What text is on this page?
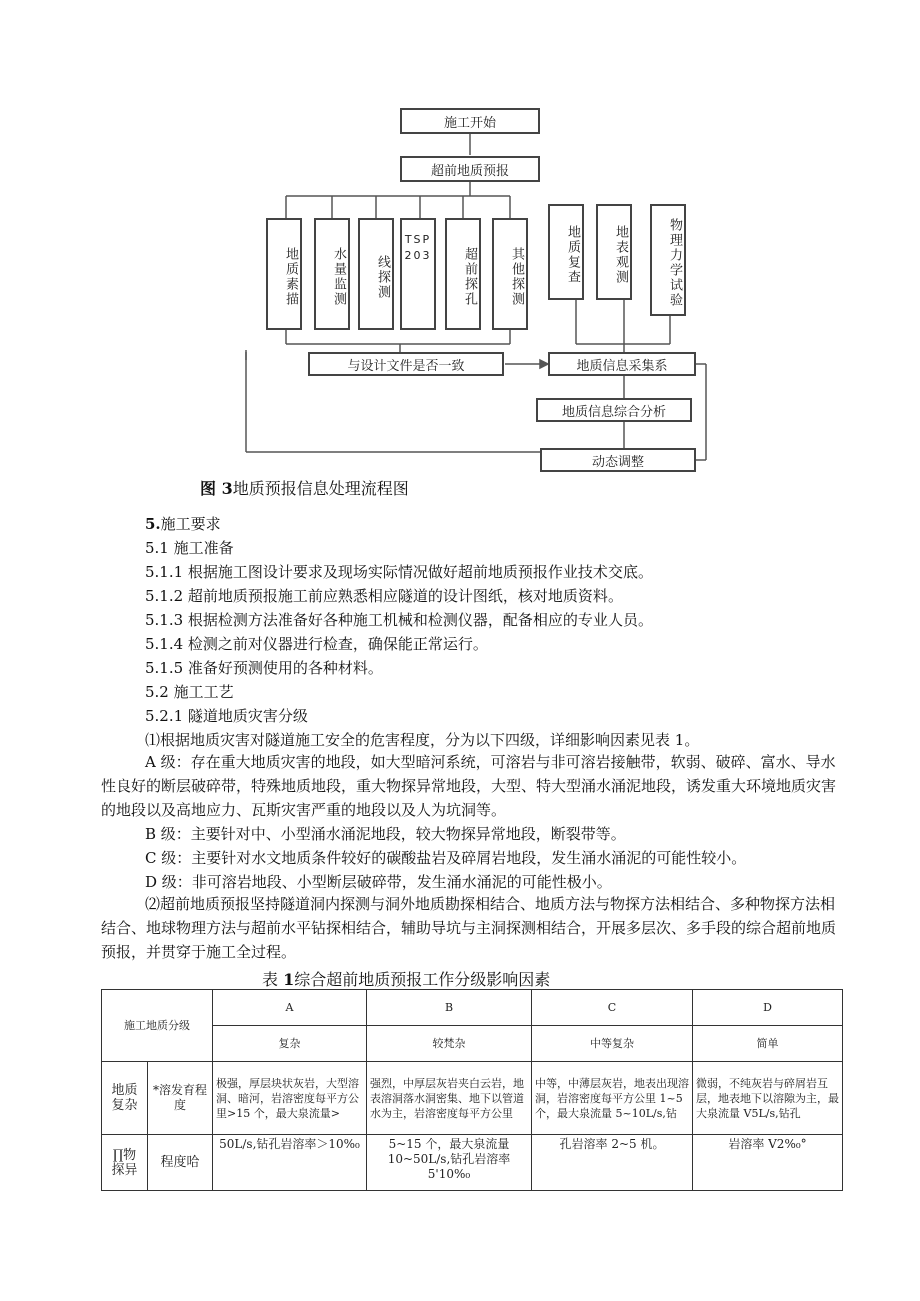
施工开始
超前地质预报
地质素描	水量监测 线探测
TSP203	超前探孔 其他探测	地质复查	地表观测	物理力学试验
与设计文件是否一致	地质信息采集系
地质信息综合分析
动态调整
图 3地质预报信息处理流程图
5.施工要求
5.1 施工准备
5.1.1 根据施工图设计要求及现场实际情况做好超前地质预报作业技术交底。
5.1.2 超前地质预报施工前应熟悉相应隧道的设计图纸，核对地质资料。
5.1.3 根据检测方法准备好各种施工机械和检测仪器，配备相应的专业人员。
5.1.4 检测之前对仪器进行检查，确保能正常运行。
5.1.5 准备好预测使用的各种材料。
5.2 施工工艺
5.2.1 隧道地质灾害分级
⑴根据地质灾害对隧道施工安全的危害程度，分为以下四级，详细影响因素见表 1。
A 级：存在重大地质灾害的地段，如大型暗河系统，可溶岩与非可溶岩接触带，软弱、破碎、富水、导水性良好的断层破碎带，特殊地质地段，重大物探异常地段，大型、特大型涌水涌泥地段，诱发重大环境地质灾害的地段以及高地应力、瓦斯灾害严重的地段以及人为坑洞等。
B 级：主要针对中、小型涌水涌泥地段，较大物探异常地段，断裂带等。
C 级：主要针对水文地质条件较好的碳酸盐岩及碎屑岩地段，发生涌水涌泥的可能性较小。
D 级：非可溶岩地段、小型断层破碎带，发生涌水涌泥的可能性极小。
⑵超前地质预报坚持隧道洞内探测与洞外地质勘探相结合、地质方法与物探方法相结合、多种物探方法相结合、地球物理方法与超前水平钻探相结合，辅助导坑与主洞探测相结合，开展多层次、多手段的综合超前地质预报，并贯穿于施工全过程。
表 1综合超前地质预报工作分级影响因素
施工地质分级		A	B	C	D
		复杂	较梵杂	中等复杂	简单
地质复杂	*溶发育程度	极强，厚层块状灰岩，大型溶洞、暗河，岩溶密度每平方公里>15 个，最大泉流量>	强烈，中厚层灰岩夹白云岩，地表溶洞落水洞密集、地下以管道水为主，岩溶密度每平方公里	中等，中薄层灰岩，地表出现溶洞，岩溶密度每平方公里 1~5 个，最大泉流量 5~10L∕s,钻	微弱，不纯灰岩与碎屑岩互层，地表地下以溶隙为主，最大泉流量 V5L∕s,钻孔
∏物探异	程度哈	50L∕s,钻孔岩溶率＞10%₀	5~15 个，最大泉流量 10~50L∕s,钻孔岩溶率 5'10%₀	孔岩溶率 2~5 机。	岩溶率 V2%₀°
